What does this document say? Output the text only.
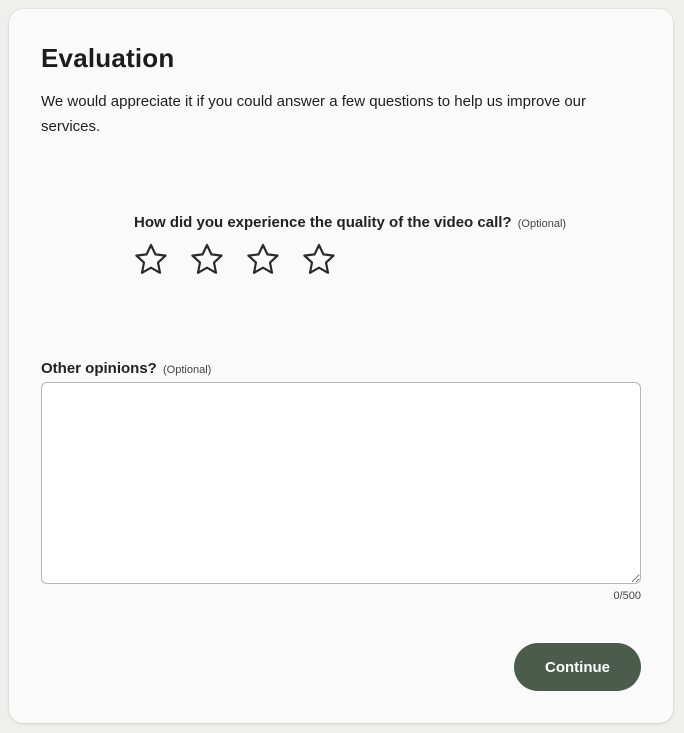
Evaluation

We would appreciate it if you could answer a few questions to help us improve our services.

How did you experience the quality of the video call? (Optional)
Other opinions? (Optional)
0/500
Continue
